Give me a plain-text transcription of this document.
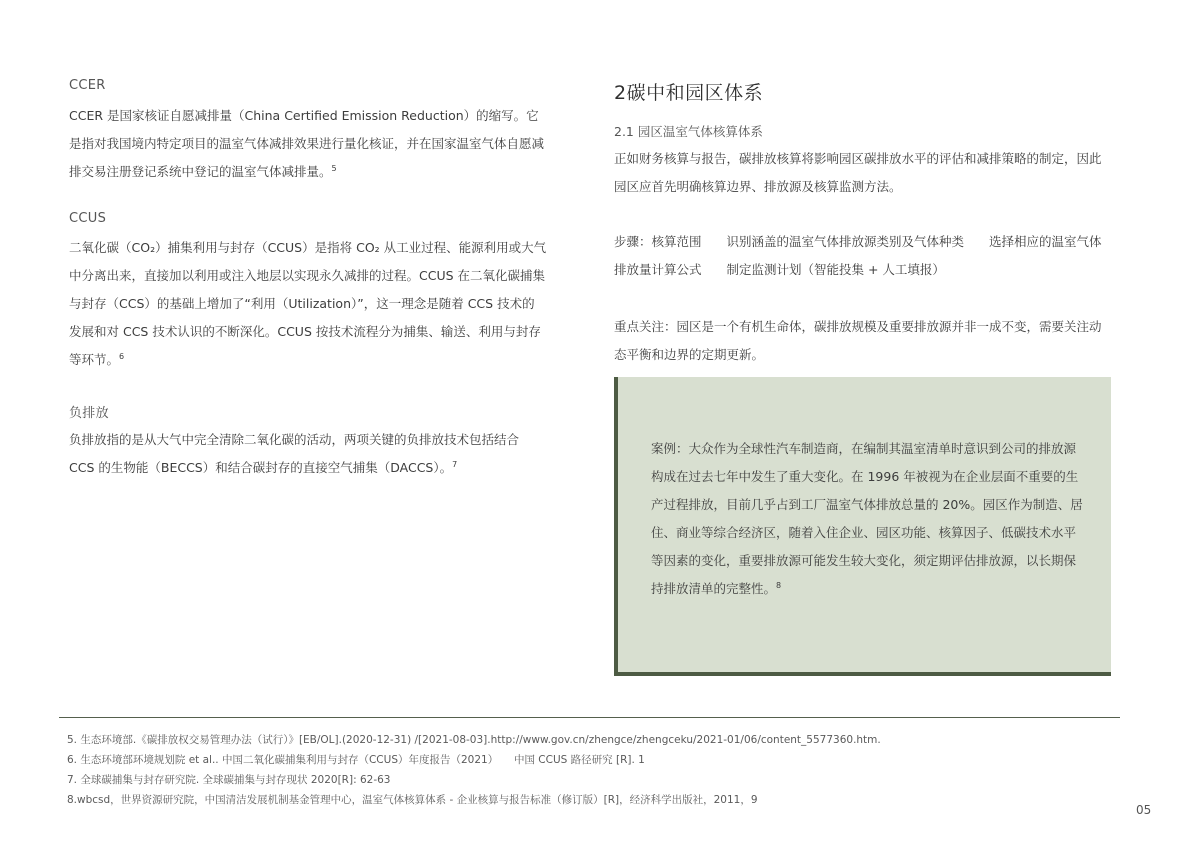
CCER
CCER 是国家核证自愿减排量（China Certified Emission Reduction）的缩写。它是指对我国境内特定项目的温室气体减排效果进行量化核证，并在国家温室气体自愿减排交易注册登记系统中登记的温室气体减排量。$^5$
CCUS
二氧化碳（CO₂）捕集利用与封存（CCUS）是指将 CO₂ 从工业过程、能源利用或大气中分离出来，直接加以利用或注入地层以实现永久减排的过程。CCUS 在二氧化碳捕集与封存（CCS）的基础上增加了“利用（Utilization）”，这一理念是随着 CCS 技术的发展和对 CCS 技术认识的不断深化。CCUS 按技术流程分为捕集、输送、利用与封存等环节。$^6$
负排放
负排放指的是从大气中完全清除二氧化碳的活动，两项关键的负排放技术包括结合 CCS 的生物能（BECCS）和结合碳封存的直接空气捕集（DACCS）。$^7$
2碳中和园区体系
2.1 园区温室气体核算体系
正如财务核算与报告，碳排放核算将影响园区碳排放水平的评估和减排策略的制定，因此园区应首先明确核算边界、排放源及核算监测方法。
步骤：核算范围　　识别涵盖的温室气体排放源类别及气体种类　　选择相应的温室气体排放量计算公式　　制定监测计划（智能投集 + 人工填报）
重点关注：园区是一个有机生命体，碳排放规模及重要排放源并非一成不变，需要关注动态平衡和边界的定期更新。
案例：大众作为全球性汽车制造商，在编制其温室清单时意识到公司的排放源构成在过去七年中发生了重大变化。在 1996 年被视为在企业层面不重要的生产过程排放，目前几乎占到工厂温室气体排放总量的 20%。园区作为制造、居住、商业等综合经济区，随着入住企业、园区功能、核算因子、低碳技术水平等因素的变化，重要排放源可能发生较大变化，须定期评估排放源，以长期保持排放清单的完整性。$^8$
5. 生态环境部.《碳排放权交易管理办法（试行）》[EB/OL].(2020-12-31) /[2021-08-03].http://www.gov.cn/zhengce/zhengceku/2021-01/06/content_5577360.htm.
6. 生态环境部环境规划院 et al.. 中国二氧化碳捕集利用与封存（CCUS）年度报告（2021）　　中国 CCUS 路径研究 [R]. 1
7. 全球碳捕集与封存研究院. 全球碳捕集与封存现状 2020[R]: 62-63
8.wbcsd，世界资源研究院，中国清洁发展机制基金管理中心，温室气体核算体系 - 企业核算与报告标准（修订版）[R]，经济科学出版社，2011，9
05
